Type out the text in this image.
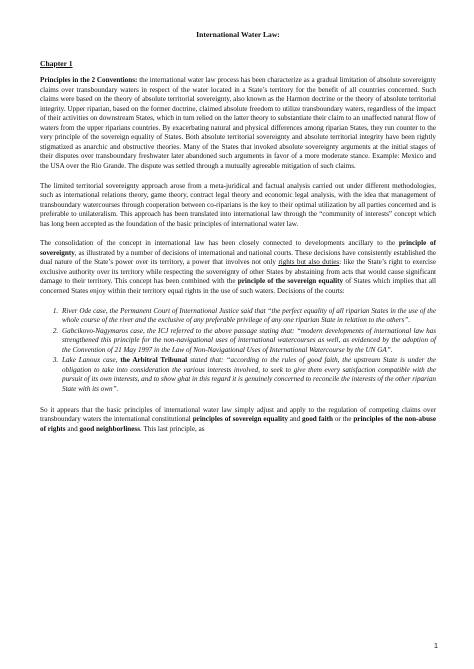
International Water Law:
Chapter 1

Principles in the 2 Conventions: the international water law process has been characterize as a gradual limitation of absolute sovereignty claims over transboundary waters in respect of the water located in a State’s territory for the benefit of all countries concerned. Such claims were based on the theory of absolute territorial sovereignty, also known as the Harmon doctrine or the theory of absolute territorial integrity. Upper riparian, based on the former doctrine, claimed absolute freedom to utilize transboundary waters, regardless of the impact of their activities on downstream States, which in turn relied on the latter theory to substantiate their claim to an unaffected natural flow of waters from the upper riparians countries. By exacerbating natural and physical differences among riparian States, they run counter to the very principle of the sovereign equality of States. Both absolute territorial sovereignty and absolute territorial integrity have been rightly stigmatized as anarchic and obstructive theories. Many of the States that invoked absolute sovereignty arguments at the initial stages of their disputes over transboundary freshwater later abandoned such arguments in favor of a more moderate stance. Example: Mexico and the USA over the Rio Grande. The dispute was settled through a mutually agreeable mitigation of such claims.

The limited territorial sovereignty approach arose from a meta-juridical and factual analysis carried out under different methodologies, such as international relations theory, game theory, contract legal theory and economic legal analysis, with the idea that management of transboundary watercourses through cooperation between co-riparians is the key to their optimal utilization by all parties concerned and is preferable to unilateralism. This approach has been translated into international law through the “community of interests” concept which has long been accepted as the foundation of the basic principles of international water law.

The consolidation of the concept in international law has been closely connected to developments ancillary to the principle of sovereignty, as illustrated by a number of decisions of international and national courts. These decisions have consistently established the dual nature of the State’s power over its territory, a power that involves not only rights but also duties: like the State’s right to exercise exclusive authority over its territory while respecting the sovereignty of other States by abstaining from acts that would cause significant damage to their territory. This concept has been combined with the principle of the sovereign equality of States which implies that all concerned States enjoy within their territory equal rights in the use of such waters. Decisions of the courts:

1. River Ode case, the Permanent Court of International Justice said that “the perfect equality of all riparian States in the use of the whole course of the river and the exclusive of any preferable privilege of any one riparian State in relation to the others”.
2. Gabcikovo-Nagymaros case, the ICJ referred to the above passage stating that: “modern developments of international law has strengthened this principle for the non-navigational uses of international watercourses as well, as evidenced by the adoption of the Convention of 21 May 1997 in the Law of Non-Navigational Uses of International Watercourse by the UN GA”.
3. Lake Lanoux case, the Arbitral Tribunal stated that: “according to the rules of good faith, the upstream State is under the obligation to take into consideration the various interests involved, to seek to give them every satisfaction compatible with the pursuit of its own interests, and to show ghat in this regard it is genuinely concerned to reconcile the interests of the other riparian State with its own”.

So it appears that the basic principles of international water law simply adjust and apply to the regulation of competing claims over transboundary waters the international constitutional principles of sovereign equality and good faith or the principles of the non-abuse of rights and good neighborliness. This last principle, as

1
